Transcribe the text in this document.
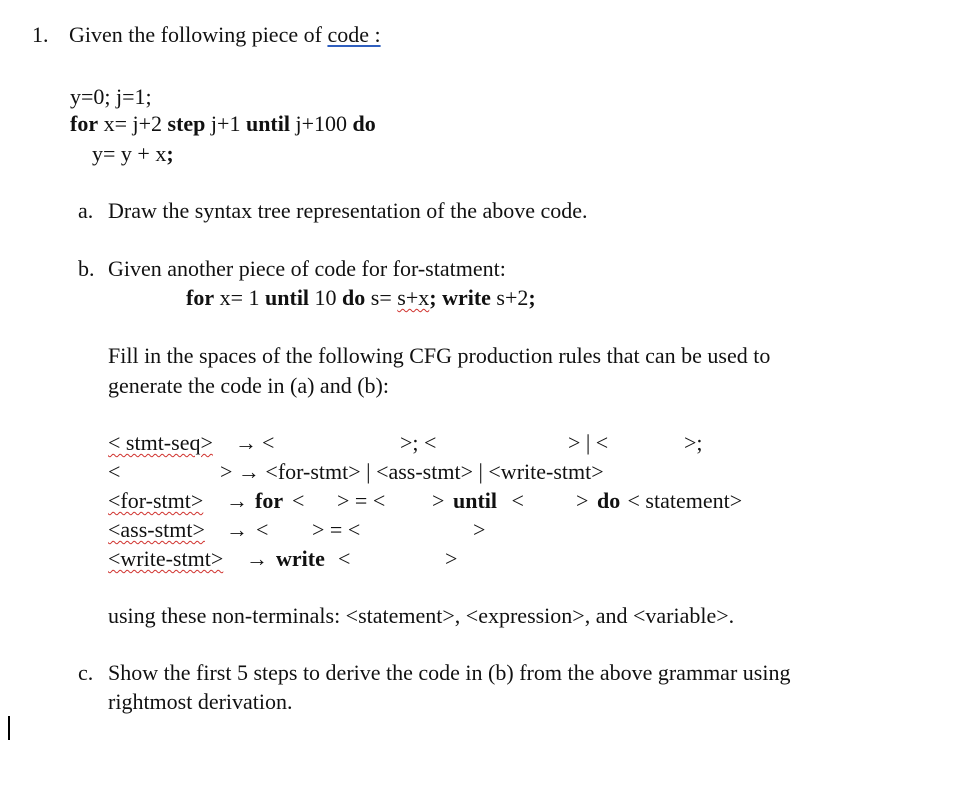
1. Given the following piece of code :
y=0; j=1;
for x= j+2 step j+1 until j+100 do
y= y + x;
a. Draw the syntax tree representation of the above code.
b. Given another piece of code for for-statment:
for x= 1 until 10 do s= s+x; write s+2;
Fill in the spaces of the following CFG production rules that can be used to
generate the code in (a) and (b):
< stmt-seq> → <	>; <	> | <	>;
<	> → <for-stmt> | <ass-stmt> | <write-stmt>
<for-stmt> → for < > = < > until < > do < statement>
<ass-stmt> → < > = <	>
<write-stmt> → write <	>
using these non-terminals: <statement>, <expression>, and <variable>.
c. Show the first 5 steps to derive the code in (b) from the above grammar using
rightmost derivation.
